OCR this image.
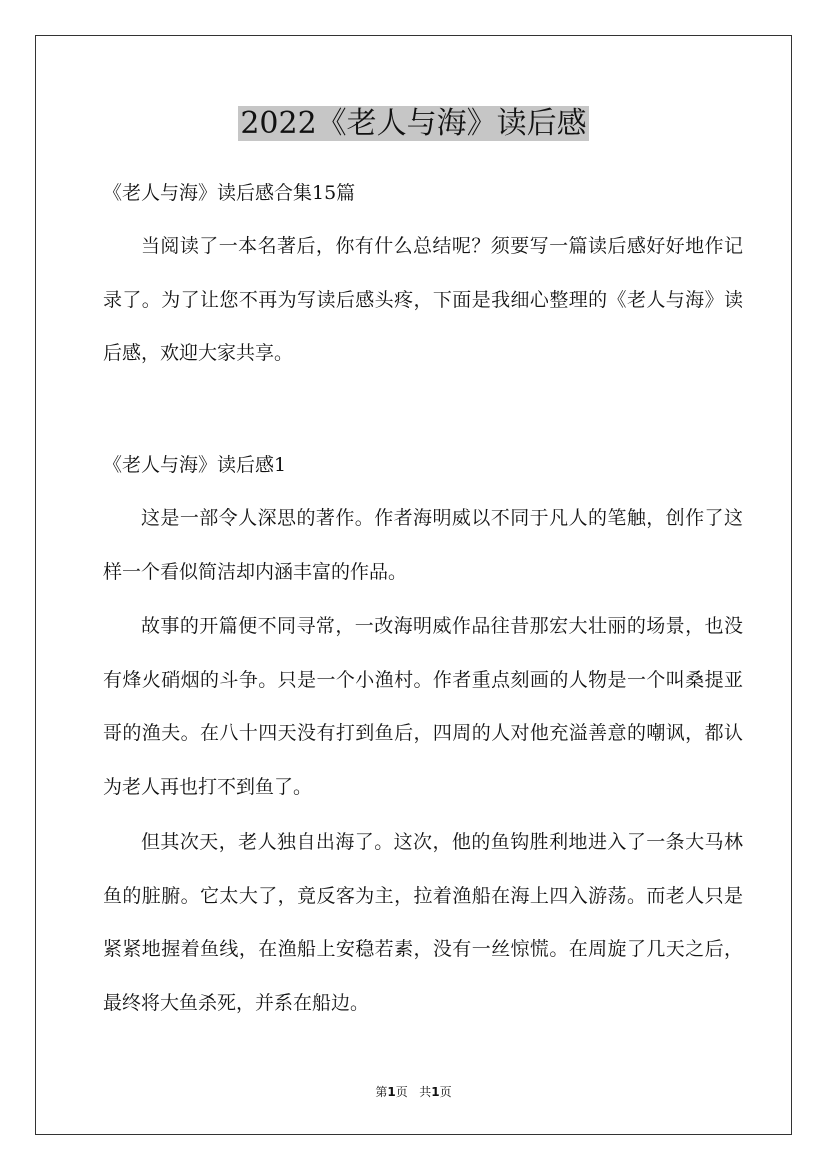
2022《老人与海》读后感
《老人与海》读后感合集15篇

当阅读了一本名著后，你有什么总结呢？须要写一篇读后感好好地作记录了。为了让您不再为写读后感头疼，下面是我细心整理的《老人与海》读后感，欢迎大家共享。

《老人与海》读后感1

这是一部令人深思的著作。作者海明威以不同于凡人的笔触，创作了这样一个看似简洁却内涵丰富的作品。

故事的开篇便不同寻常，一改海明威作品往昔那宏大壮丽的场景，也没有烽火硝烟的斗争。只是一个小渔村。作者重点刻画的人物是一个叫桑提亚哥的渔夫。在八十四天没有打到鱼后，四周的人对他充溢善意的嘲讽，都认为老人再也打不到鱼了。

但其次天，老人独自出海了。这次，他的鱼钩胜利地进入了一条大马林鱼的脏腑。它太大了，竟反客为主，拉着渔船在海上四入游荡。而老人只是紧紧地握着鱼线，在渔船上安稳若素，没有一丝惊慌。在周旋了几天之后，最终将大鱼杀死，并系在船边。

第1页 共1页
